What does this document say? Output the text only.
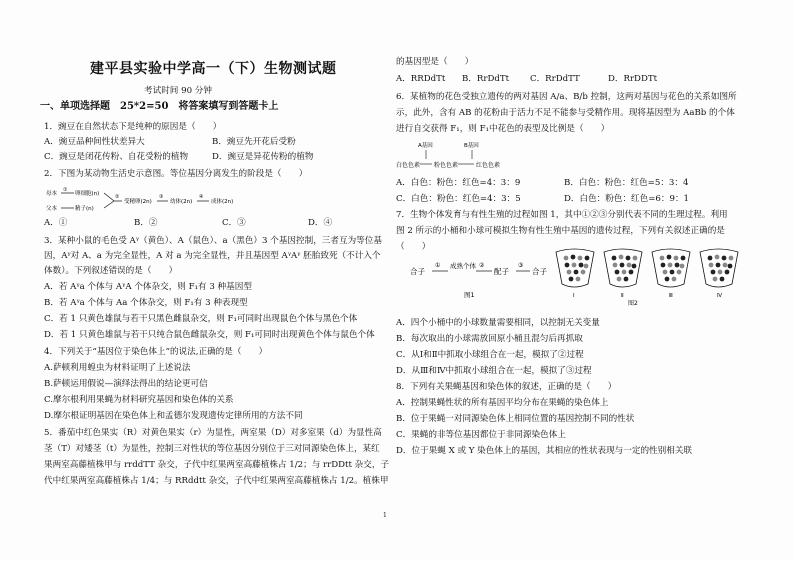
建平县实验中学高一（下）生物测试题
考试时间 90 分钟
一、单项选择题　25*2=50　将答案填写到答题卡上
1．豌豆在自然状态下是纯种的原因是（　　）
A．豌豆品种间性状差异大	B．豌豆先开花后受粉
C．豌豆是闭花传粉、自花受粉的植物	D．豌豆是异花传粉的植物
2．下图为某动物生活史示意图。等位基因分离发生的阶段是（　　）
母本
父本
①
卵细胞(n)
精子(n)
②
受精卵(2n)
③
幼体(2n)
④
成体(2n)
A．①	B．②	C．③	D．④
3．某种小鼠的毛色受 Aᵞ（黄色）、A（鼠色）、a（黑色）3 个基因控制，三者互为等位基
因，Aᵞ对 A、a 为完全显性，A 对 a 为完全显性，并且基因型 AᵞAᵞ 胚胎致死（不计入个
体数）。下列叙述错误的是（　　）
A．若 Aᵞa 个体与 AᵞA 个体杂交，则 F₁有 3 种基因型
B．若 Aᵞa 个体与 Aa 个体杂交，则 F₁有 3 种表现型
C．若 1 只黄色雄鼠与若干只黑色雌鼠杂交，则 F₁可同时出现鼠色个体与黑色个体
D．若 1 只黄色雄鼠与若干只纯合鼠色雌鼠杂交，则 F₁可同时出现黄色个体与鼠色个体
4．下列关于“基因位于染色体上”的说法,正确的是（　　）
A.萨顿利用蝗虫为材料证明了上述说法
B.萨顿运用假说—演绎法得出的结论更可信
C.摩尔根利用果蝇为材料研究基因和染色体的关系
D.摩尔根证明基因在染色体上和孟德尔发现遗传定律所用的方法不同
5．番茄中红色果实（R）对黄色果实（r）为显性，两室果（D）对多室果（d）为显性高
茎（T）对矮茎（t）为显性，控制三对性状的等位基因分别位于三对同源染色体上，某红
果两室高藤植株甲与 rrddTT 杂交，子代中红果两室高藤植株占 1/2；与 rrDDtt 杂交，子
代中红果两室高藤植株占 1/4；与 RRddtt 杂交，子代中红果两室高藤植株占 1/2。植株甲
的基因型是（　　）
A．RRDdTt B．RrDdTt C．RrDdTT	D．RrDDTt
6．某植物的花色受独立遗传的两对基因 A/a、B/b 控制，这两对基因与花色的关系如图所
示，此外，含有 AB 的花粉由于活力不足不能参与受精作用。现将基因型为 AaBb 的个体
进行自交获得 F₁，则 F₁中花色的表型及比例是（　　）
A基因	B基因
白色色素 粉色色素	红色色素
A．白色：粉色：红色=4：3：9	B．白色：粉色：红色=5：3：4
C．白色：粉色：红色=4：3：5	D．白色：粉色：红色=6：9：1
7．生物个体发育与有性生殖的过程如图 1，其中①②③分别代表不同的生理过程。利用
图 2 所示的小桶和小球可模拟生物有性生殖中基因的遗传过程，下列有关叙述正确的是
（　　）
合子
① 成熟个体 ②
配子
③
合子
图1	Ⅰ	Ⅱ	Ⅲ	Ⅳ
图2
A．四个小桶中的小球数量需要相同，以控制无关变量
B．每次取出的小球需放回原小桶且混匀后再抓取
C．从Ⅰ和Ⅱ中抓取小球组合在一起，模拟了②过程
D．从Ⅲ和Ⅳ中抓取小球组合在一起，模拟了③过程
8．下列有关果蝇基因和染色体的叙述，正确的是（　　）
A．控制果蝇性状的所有基因平均分布在果蝇的染色体上
B．位于果蝇一对同源染色体上相同位置的基因控制不同的性状
C．果蝇的非等位基因都位于非同源染色体上
D．位于果蝇 X 或 Y 染色体上的基因，其相应的性状表现与一定的性别相关联
1
